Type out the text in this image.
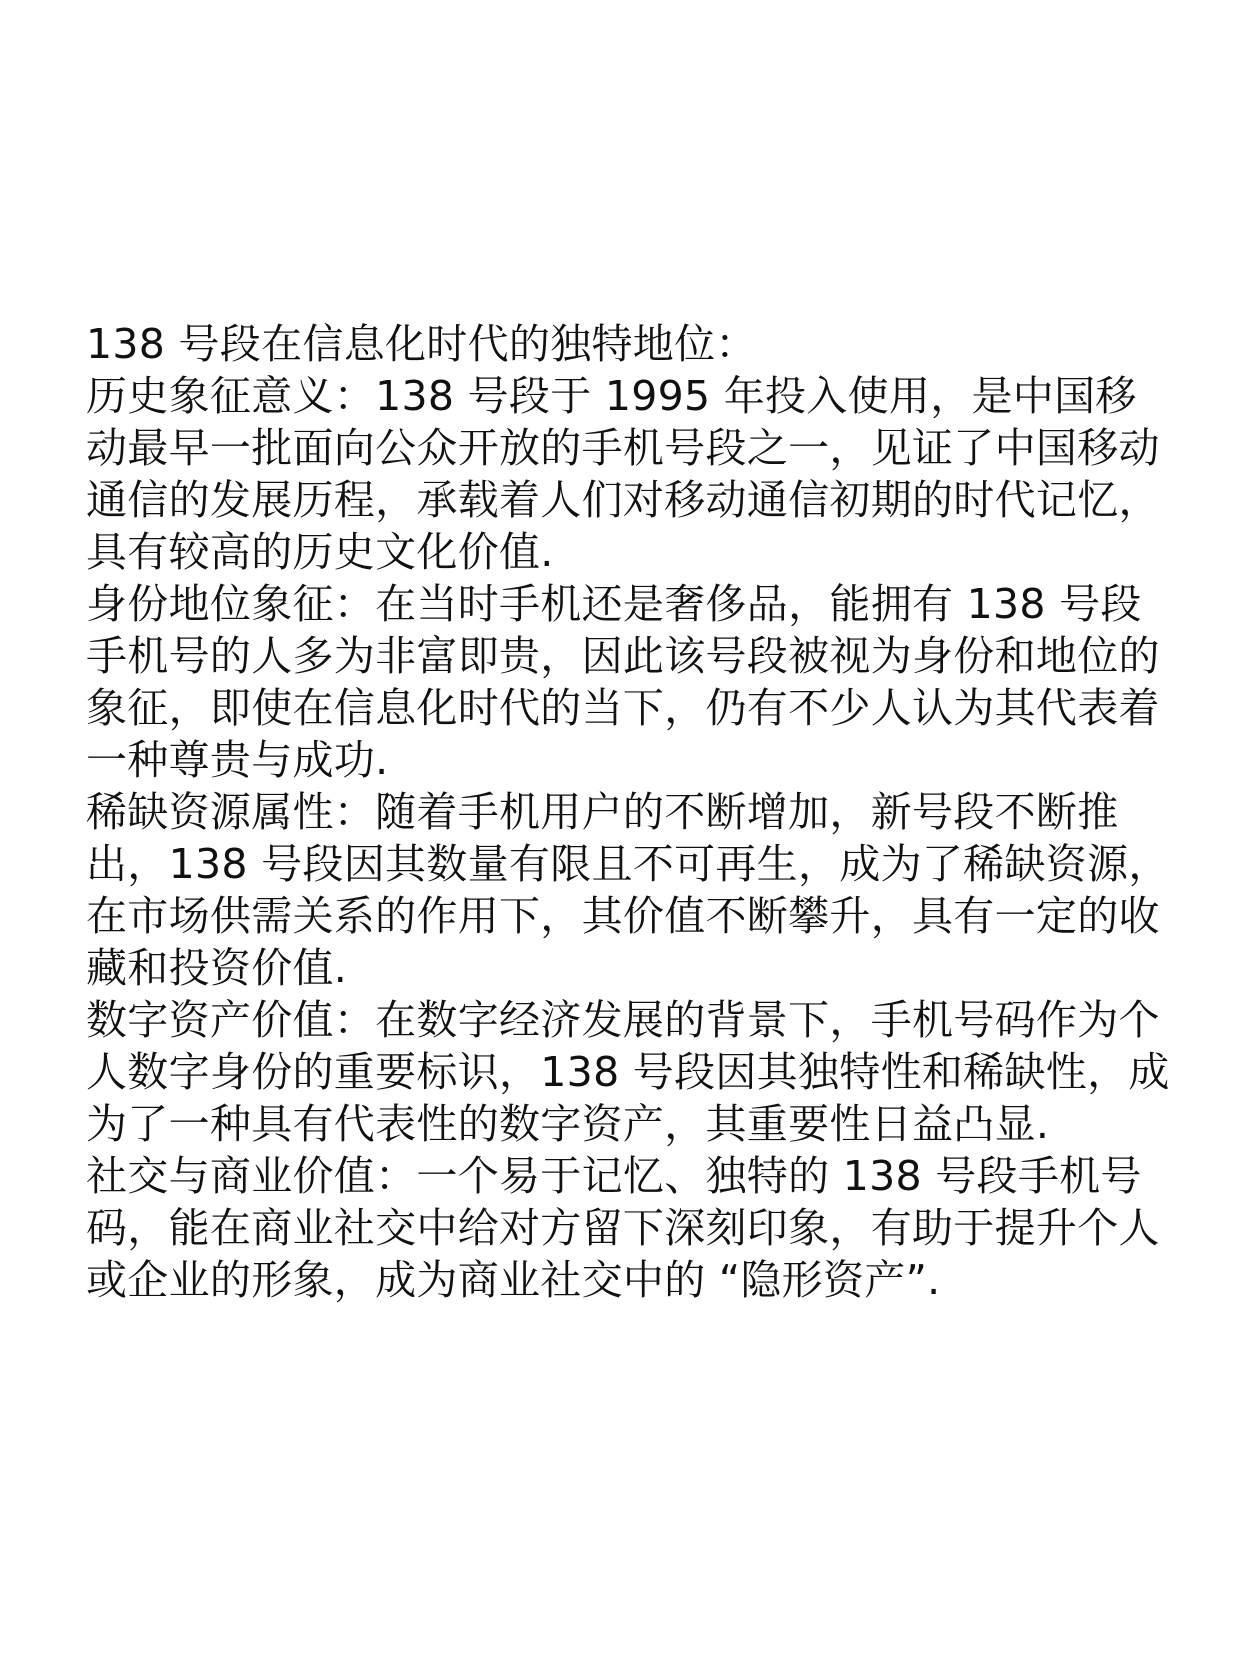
138 号段在信息化时代的独特地位：

历史象征意义：138 号段于 1995 年投入使用，是中国移动最早一批面向公众开放的手机号段之一，见证了中国移动通信的发展历程，承载着人们对移动通信初期的时代记忆，具有较高的历史文化价值.

身份地位象征：在当时手机还是奢侈品，能拥有 138 号段手机号的人多为非富即贵，因此该号段被视为身份和地位的象征，即使在信息化时代的当下，仍有不少人认为其代表着一种尊贵与成功.

稀缺资源属性：随着手机用户的不断增加，新号段不断推出，138 号段因其数量有限且不可再生，成为了稀缺资源，在市场供需关系的作用下，其价值不断攀升，具有一定的收藏和投资价值.

数字资产价值：在数字经济发展的背景下，手机号码作为个人数字身份的重要标识，138 号段因其独特性和稀缺性，成为了一种具有代表性的数字资产，其重要性日益凸显.

社交与商业价值：一个易于记忆、独特的 138 号段手机号码，能在商业社交中给对方留下深刻印象，有助于提升个人或企业的形象，成为商业社交中的 “隐形资产”.
